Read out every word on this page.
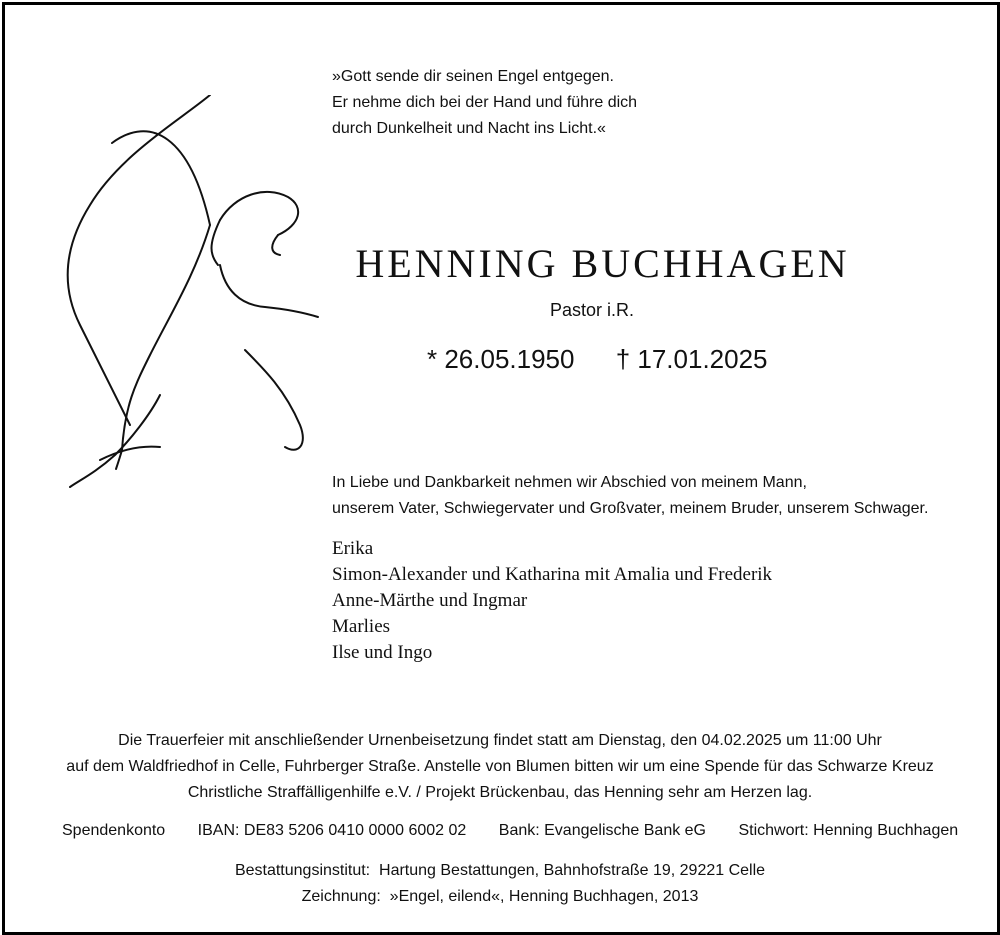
»Gott sende dir seinen Engel entgegen.
Er nehme dich bei der Hand und führe dich
durch Dunkelheit und Nacht ins Licht.«
HENNING BUCHHAGEN
Pastor i.R.
* 26.05.1950 † 17.01.2025
In Liebe und Dankbarkeit nehmen wir Abschied von meinem Mann,
unserem Vater, Schwiegervater und Großvater, meinem Bruder, unserem Schwager.
Erika
Simon-Alexander und Katharina mit Amalia und Frederik
Anne-Märthe und Ingmar
Marlies
Ilse und Ingo
Die Trauerfeier mit anschließender Urnenbeisetzung findet statt am Dienstag, den 04.02.2025 um 11:00 Uhr
auf dem Waldfriedhof in Celle, Fuhrberger Straße. Anstelle von Blumen bitten wir um eine Spende für das Schwarze Kreuz
Christliche Straffälligenhilfe e.V. / Projekt Brückenbau, das Henning sehr am Herzen lag.
Spendenkonto IBAN: DE83 5206 0410 0000 6002 02 Bank: Evangelische Bank eG Stichwort: Henning Buchhagen
Bestattungsinstitut:  Hartung Bestattungen, Bahnhofstraße 19, 29221 Celle
Zeichnung:  »Engel, eilend«, Henning Buchhagen, 2013
